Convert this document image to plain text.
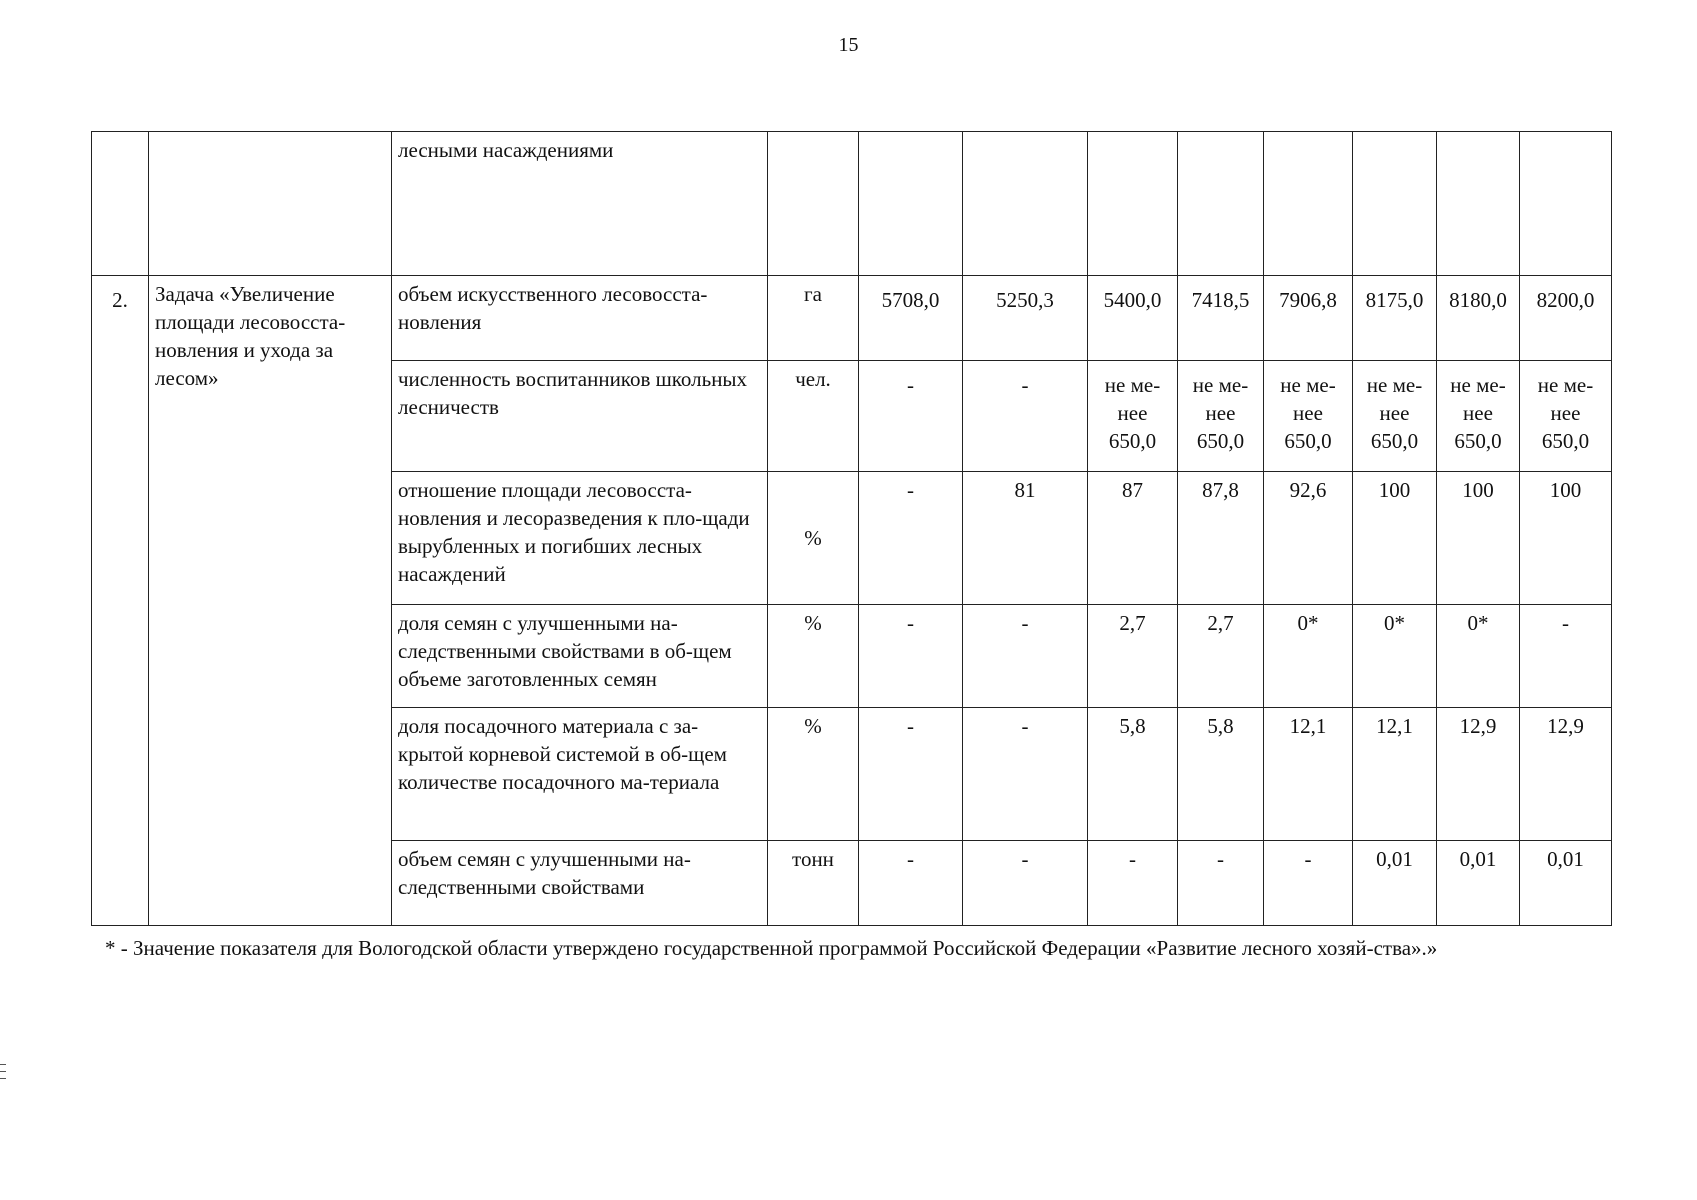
15
		лесными насаждениями									
2.	Задача «Увеличение площади лесовосста-новления и ухода за лесом»	объем искусственного лесовосста-новления	га	5708,0	5250,3	5400,0	7418,5	7906,8	8175,0	8180,0	8200,0
		численность воспитанников школьных лесничеств	чел.	-	-	не ме-нее 650,0	не ме-нее 650,0	не ме-нее 650,0	не ме-нее 650,0	не ме-нее 650,0	не ме-нее 650,0
		отношение площади лесовосста-новления и лесоразведения к пло-щади вырубленных и погибших лесных насаждений	%	-	81	87	87,8	92,6	100	100	100
		доля семян с улучшенными на-следственными свойствами в об-щем объеме заготовленных семян	%	-	-	2,7	2,7	0*	0*	0*	-
		доля посадочного материала с за-крытой корневой системой в об-щем количестве посадочного ма-териала	%	-	-	5,8	5,8	12,1	12,1	12,9	12,9
		объем семян с улучшенными на-следственными свойствами	тонн	-	-	-	-	-	0,01	0,01	0,01
* - Значение показателя для Вологодской области утверждено государственной программой Российской Федерации «Развитие лесного хозяй-ства».»
